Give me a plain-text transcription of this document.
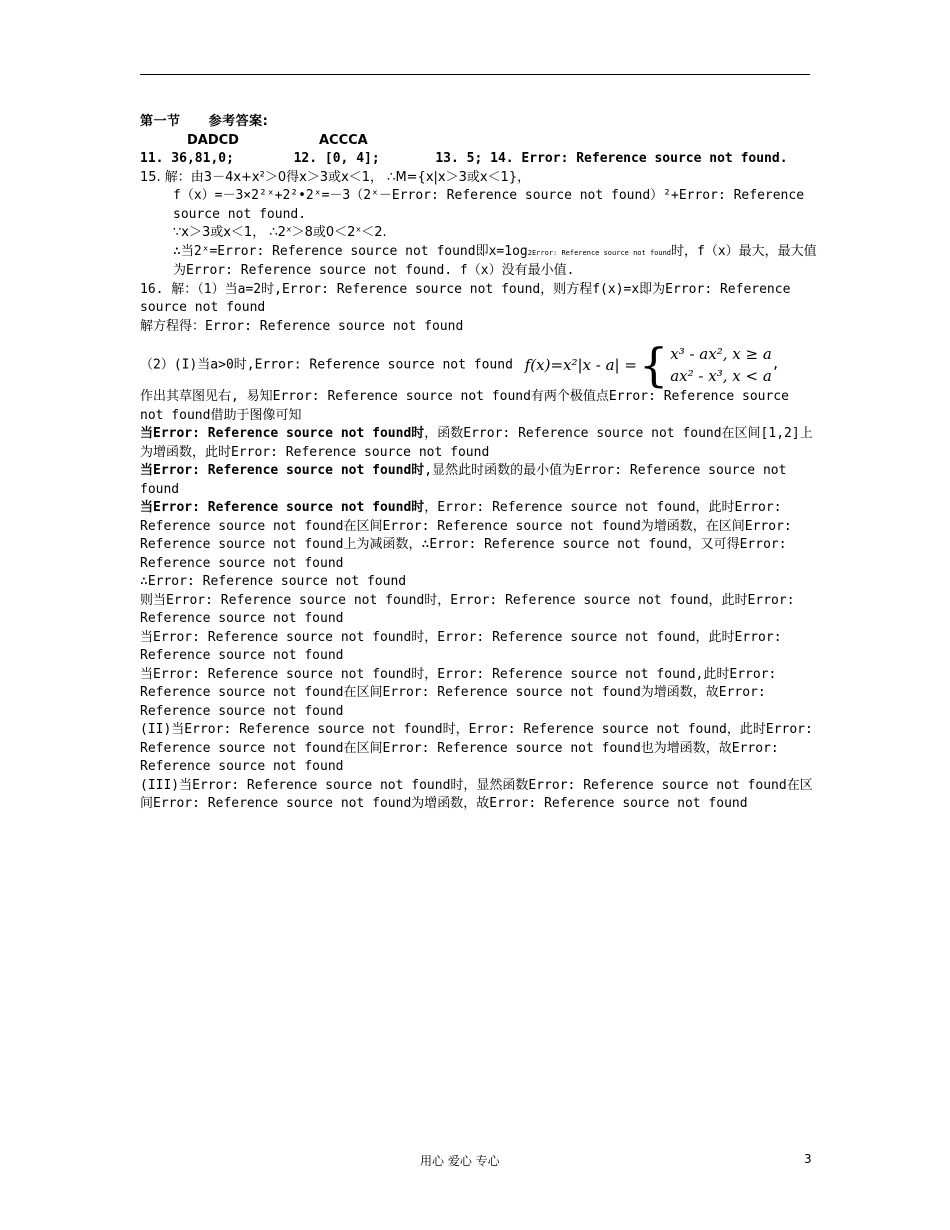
第一节 参考答案:

DADCD	ACCCA

11. 36,81,0;	12. [0, 4];	13. 5; 14. Error: Reference source not found.

15. 解：由3－4x+x²＞0得x＞3或x＜1， ∴M={x|x＞3或x＜1}，

f（x）=－3×2²ˣ+2²•2ˣ=－3（2ˣ－Error: Reference source not found）²+Error: Reference source not found.

∵x＞3或x＜1， ∴2ˣ＞8或0＜2ˣ＜2.

∴当2ˣ=Error: Reference source not found即x=1og2Error: Reference source not found时，f（x）最大，最大值为Error: Reference source not found. f（x）没有最小值.

16. 解：（1）当a=2时,Error: Reference source not found，则方程f(x)=x即为Error: Reference source not found

解方程得：Error: Reference source not found

（2）(I)当a>0时,Error: Reference source not found f(x)=x²|x - a| = { x³ - ax², x ≥ a
ax² - x³, x < a
,

作出其草图见右, 易知Error: Reference source not found有两个极值点Error: Reference source not found借助于图像可知

当Error: Reference source not found时，函数Error: Reference source not found在区间[1,2]上为增函数，此时Error: Reference source not found

当Error: Reference source not found时,显然此时函数的最小值为Error: Reference source not found

当Error: Reference source not found时，Error: Reference source not found，此时Error: Reference source not found在区间Error: Reference source not found为增函数，在区间Error: Reference source not found上为减函数，∴Error: Reference source not found，又可得Error: Reference source not found

∴Error: Reference source not found

则当Error: Reference source not found时，Error: Reference source not found，此时Error: Reference source not found

当Error: Reference source not found时，Error: Reference source not found，此时Error: Reference source not found

当Error: Reference source not found时，Error: Reference source not found,此时Error: Reference source not found在区间Error: Reference source not found为增函数，故Error: Reference source not found

(II)当Error: Reference source not found时，Error: Reference source not found，此时Error: Reference source not found在区间Error: Reference source not found也为增函数，故Error: Reference source not found

(III)当Error: Reference source not found时，显然函数Error: Reference source not found在区间Error: Reference source not found为增函数，故Error: Reference source not found

用心 爱心 专心	3
